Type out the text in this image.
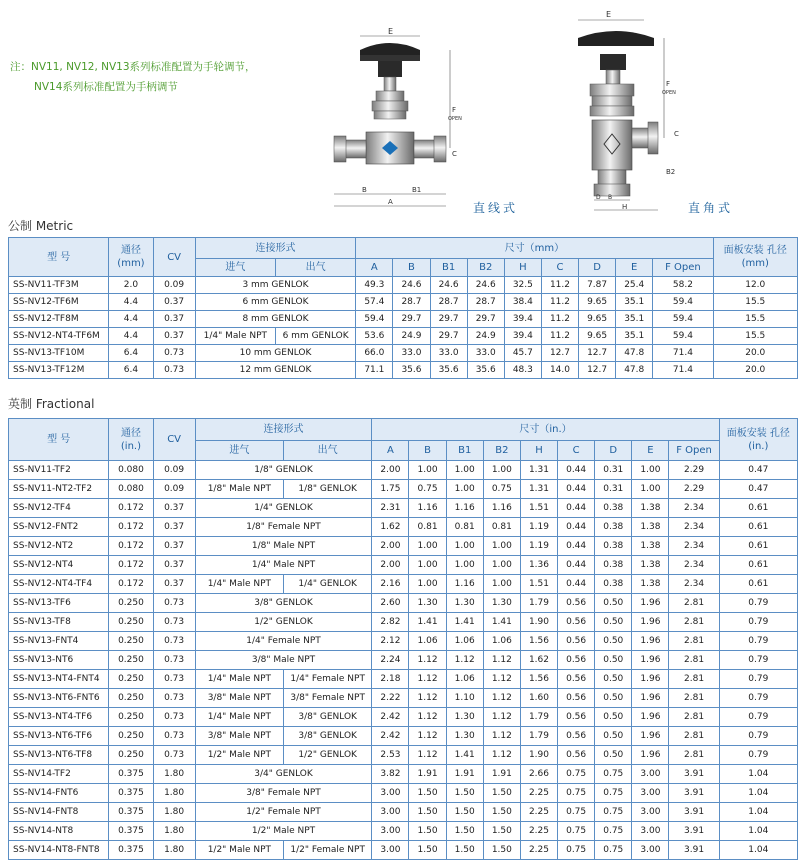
注：NV11, NV12, NV13系列标准配置为手轮调节，
NV14系列标准配置为手柄调节
E
F
OPEN
C
B	B1
A	直线式
E
F
OPEN
C
B2
D B
H	直角式
公制 Metric
型 号	通径 (mm)	CV	连接形式		尺寸（mm）									面板安装 孔径 (mm)
			进气	出气	A	B	B1	B2	H	C	D	E	F Open	
SS-NV11-TF3M	2.0	0.09	3 mm GENLOK		49.3	24.6	24.6	24.6	32.5	11.2	7.87	25.4	58.2	12.0
SS-NV12-TF6M	4.4	0.37	6 mm GENLOK		57.4	28.7	28.7	28.7	38.4	11.2	9.65	35.1	59.4	15.5
SS-NV12-TF8M	4.4	0.37	8 mm GENLOK		59.4	29.7	29.7	29.7	39.4	11.2	9.65	35.1	59.4	15.5
SS-NV12-NT4-TF6M	4.4	0.37	1/4" Male NPT	6 mm GENLOK	53.6	24.9	29.7	24.9	39.4	11.2	9.65	35.1	59.4	15.5
SS-NV13-TF10M	6.4	0.73	10 mm GENLOK		66.0	33.0	33.0	33.0	45.7	12.7	12.7	47.8	71.4	20.0
SS-NV13-TF12M	6.4	0.73	12 mm GENLOK		71.1	35.6	35.6	35.6	48.3	14.0	12.7	47.8	71.4	20.0
英制 Fractional
型 号	通径 (in.)	CV	连接形式		尺寸（in.）									面板安装 孔径 (in.)
			进气	出气	A	B	B1	B2	H	C	D	E	F Open	
SS-NV11-TF2	0.080	0.09	1/8" GENLOK		2.00	1.00	1.00	1.00	1.31	0.44	0.31	1.00	2.29	0.47
SS-NV11-NT2-TF2	0.080	0.09	1/8" Male NPT	1/8" GENLOK	1.75	0.75	1.00	0.75	1.31	0.44	0.31	1.00	2.29	0.47
SS-NV12-TF4	0.172	0.37	1/4" GENLOK		2.31	1.16	1.16	1.16	1.51	0.44	0.38	1.38	2.34	0.61
SS-NV12-FNT2	0.172	0.37	1/8" Female NPT		1.62	0.81	0.81	0.81	1.19	0.44	0.38	1.38	2.34	0.61
SS-NV12-NT2	0.172	0.37	1/8" Male NPT		2.00	1.00	1.00	1.00	1.19	0.44	0.38	1.38	2.34	0.61
SS-NV12-NT4	0.172	0.37	1/4" Male NPT		2.00	1.00	1.00	1.00	1.36	0.44	0.38	1.38	2.34	0.61
SS-NV12-NT4-TF4	0.172	0.37	1/4" Male NPT	1/4" GENLOK	2.16	1.00	1.16	1.00	1.51	0.44	0.38	1.38	2.34	0.61
SS-NV13-TF6	0.250	0.73	3/8" GENLOK		2.60	1.30	1.30	1.30	1.79	0.56	0.50	1.96	2.81	0.79
SS-NV13-TF8	0.250	0.73	1/2" GENLOK		2.82	1.41	1.41	1.41	1.90	0.56	0.50	1.96	2.81	0.79
SS-NV13-FNT4	0.250	0.73	1/4" Female NPT		2.12	1.06	1.06	1.06	1.56	0.56	0.50	1.96	2.81	0.79
SS-NV13-NT6	0.250	0.73	3/8" Male NPT		2.24	1.12	1.12	1.12	1.62	0.56	0.50	1.96	2.81	0.79
SS-NV13-NT4-FNT4	0.250	0.73	1/4" Male NPT	1/4" Female NPT	2.18	1.12	1.06	1.12	1.56	0.56	0.50	1.96	2.81	0.79
SS-NV13-NT6-FNT6	0.250	0.73	3/8" Male NPT	3/8" Female NPT	2.22	1.12	1.10	1.12	1.60	0.56	0.50	1.96	2.81	0.79
SS-NV13-NT4-TF6	0.250	0.73	1/4" Male NPT	3/8" GENLOK	2.42	1.12	1.30	1.12	1.79	0.56	0.50	1.96	2.81	0.79
SS-NV13-NT6-TF6	0.250	0.73	3/8" Male NPT	3/8" GENLOK	2.42	1.12	1.30	1.12	1.79	0.56	0.50	1.96	2.81	0.79
SS-NV13-NT6-TF8	0.250	0.73	1/2" Male NPT	1/2" GENLOK	2.53	1.12	1.41	1.12	1.90	0.56	0.50	1.96	2.81	0.79
SS-NV14-TF2	0.375	1.80	3/4" GENLOK		3.82	1.91	1.91	1.91	2.66	0.75	0.75	3.00	3.91	1.04
SS-NV14-FNT6	0.375	1.80	3/8" Female NPT		3.00	1.50	1.50	1.50	2.25	0.75	0.75	3.00	3.91	1.04
SS-NV14-FNT8	0.375	1.80	1/2" Female NPT		3.00	1.50	1.50	1.50	2.25	0.75	0.75	3.00	3.91	1.04
SS-NV14-NT8	0.375	1.80	1/2" Male NPT		3.00	1.50	1.50	1.50	2.25	0.75	0.75	3.00	3.91	1.04
SS-NV14-NT8-FNT8	0.375	1.80	1/2" Male NPT	1/2" Female NPT	3.00	1.50	1.50	1.50	2.25	0.75	0.75	3.00	3.91	1.04
